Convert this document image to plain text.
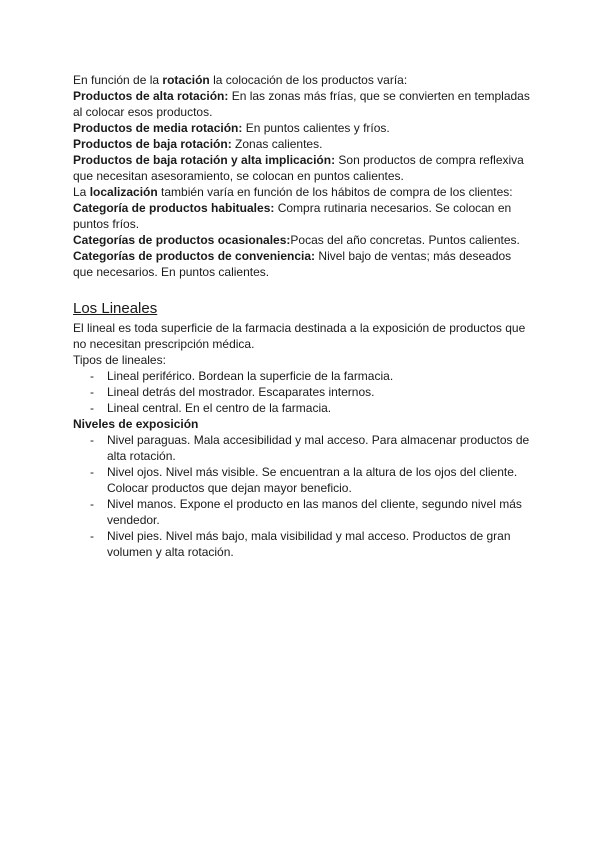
En función de la rotación la colocación de los productos varía:

Productos de alta rotación: En las zonas más frías, que se convierten en templadas al colocar esos productos.

Productos de media rotación: En puntos calientes y fríos.

Productos de baja rotación: Zonas calientes.

Productos de baja rotación y alta implicación: Son productos de compra reflexiva que necesitan asesoramiento, se colocan en puntos calientes.

La localización también varía en función de los hábitos de compra de los clientes:

Categoría de productos habituales: Compra rutinaria necesarios. Se colocan en puntos fríos.

Categorías de productos ocasionales:Pocas del año concretas. Puntos calientes.

Categorías de productos de conveniencia: Nivel bajo de ventas; más deseados que necesarios. En puntos calientes.

Los Lineales

El lineal es toda superficie de la farmacia destinada a la exposición de productos que no necesitan prescripción médica.

Tipos de lineales:

- Lineal periférico. Bordean la superficie de la farmacia.
- Lineal detrás del mostrador. Escaparates internos.
- Lineal central. En el centro de la farmacia.

Niveles de exposición

- Nivel paraguas. Mala accesibilidad y mal acceso. Para almacenar productos de alta rotación.
- Nivel ojos. Nivel más visible. Se encuentran a la altura de los ojos del cliente. Colocar productos que dejan mayor beneficio.
- Nivel manos. Expone el producto en las manos del cliente, segundo nivel más vendedor.
- Nivel pies. Nivel más bajo, mala visibilidad y mal acceso. Productos de gran volumen y alta rotación.
